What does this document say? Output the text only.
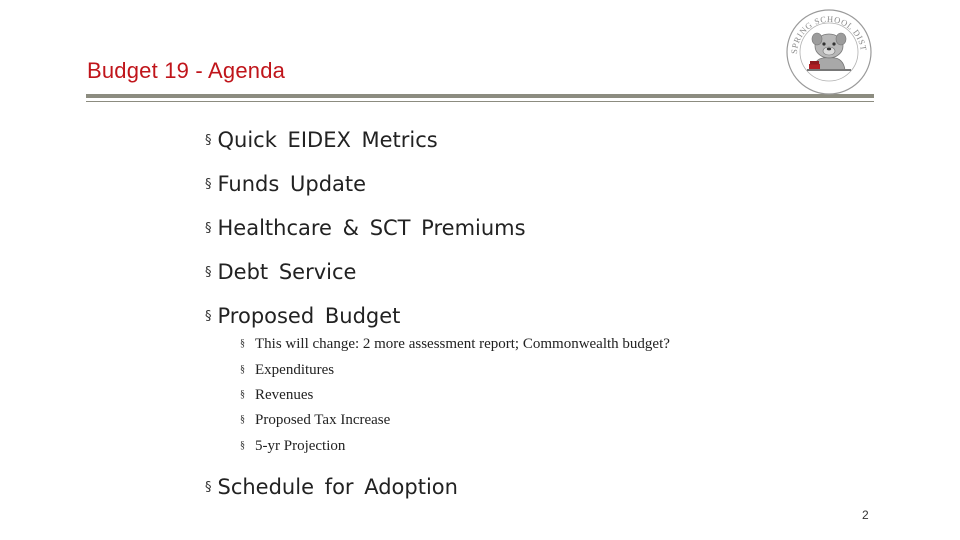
Budget 19 - Agenda
SPRING SCHOOL DIST
§ Quick EIDEX Metrics
§ Funds Update
§ Healthcare & SCT Premiums
§ Debt Service
§ Proposed Budget
§ This will change: 2 more assessment report; Commonwealth budget?
§ Expenditures
§ Revenues
§ Proposed Tax Increase
§ 5-yr Projection
§ Schedule for Adoption
2
